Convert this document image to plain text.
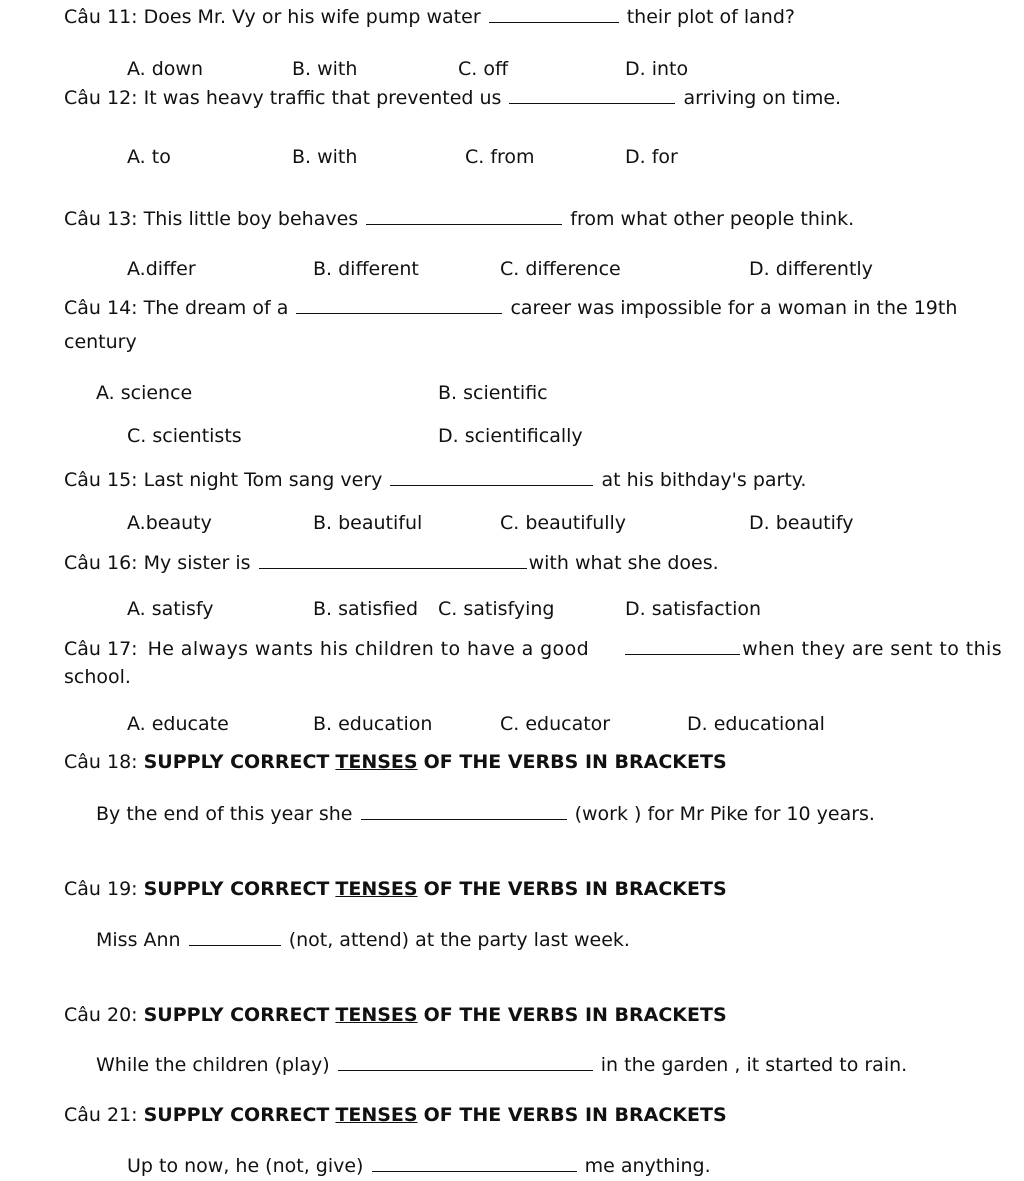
Câu 11: Does Mr. Vy or his wife pump water	their plot of land?
A. down	B. with	C. off	D. into
Câu 12: It was heavy traffic that prevented us	arriving on time.
A. to	B. with	C. from	D. for
Câu 13: This little boy behaves	from what other people think.
A.differ	B. different	C. difference	D. differently
Câu 14: The dream of a	career was impossible for a woman in the 19th
century
A. science	B. scientific
C. scientists	D. scientifically
Câu 15: Last night Tom sang very	at his bithday's party.
A.beauty	B. beautiful	C. beautifully	D. beautify
Câu 16: My sister is	with what she does.
A. satisfy	B. satisfied C. satisfying	D. satisfaction
Câu 17: He always wants his children to have a good	when they are sent to this
school.
A. educate	B. education	C. educator	D. educational
Câu 18: SUPPLY CORRECT TENSES OF THE VERBS IN BRACKETS
By the end of this year she	(work ) for Mr Pike for 10 years.
Câu 19: SUPPLY CORRECT TENSES OF THE VERBS IN BRACKETS
Miss Ann	(not, attend) at the party last week.
Câu 20: SUPPLY CORRECT TENSES OF THE VERBS IN BRACKETS
While the children (play)	in the garden , it started to rain.
Câu 21: SUPPLY CORRECT TENSES OF THE VERBS IN BRACKETS
Up to now, he (not, give)	me anything.
